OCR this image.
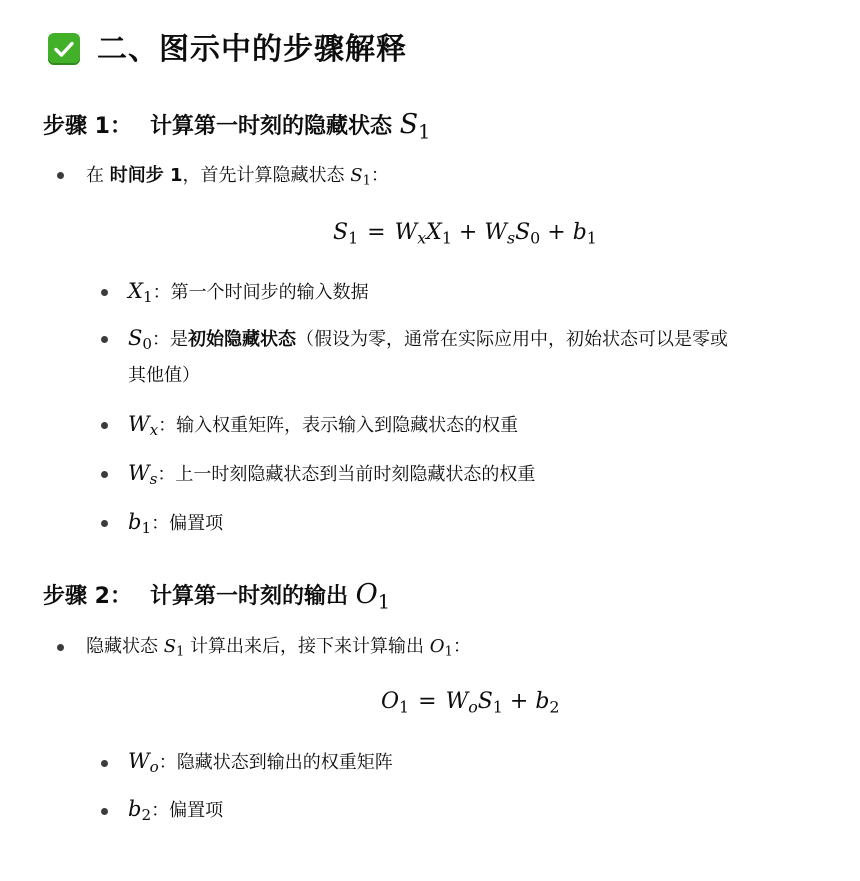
二、图示中的步骤解释
步骤 1： 计算第一时刻的隐藏状态 $S_1$
在 时间步 1，首先计算隐藏状态 $S_1$：
$S_1 = W_xX_1 + W_sS_0 + b_1$
$X_1$：第一个时间步的输入数据
$S_0$：是初始隐藏状态（假设为零，通常在实际应用中，初始状态可以是零或
其他值）
$W_x$：输入权重矩阵，表示输入到隐藏状态的权重
$W_s$：上一时刻隐藏状态到当前时刻隐藏状态的权重
$b_1$：偏置项
步骤 2： 计算第一时刻的输出 $O_1$
隐藏状态 $S_1$ 计算出来后，接下来计算输出 $O_1$：
$O_1 = W_oS_1 + b_2$
$W_o$：隐藏状态到输出的权重矩阵
$b_2$：偏置项
